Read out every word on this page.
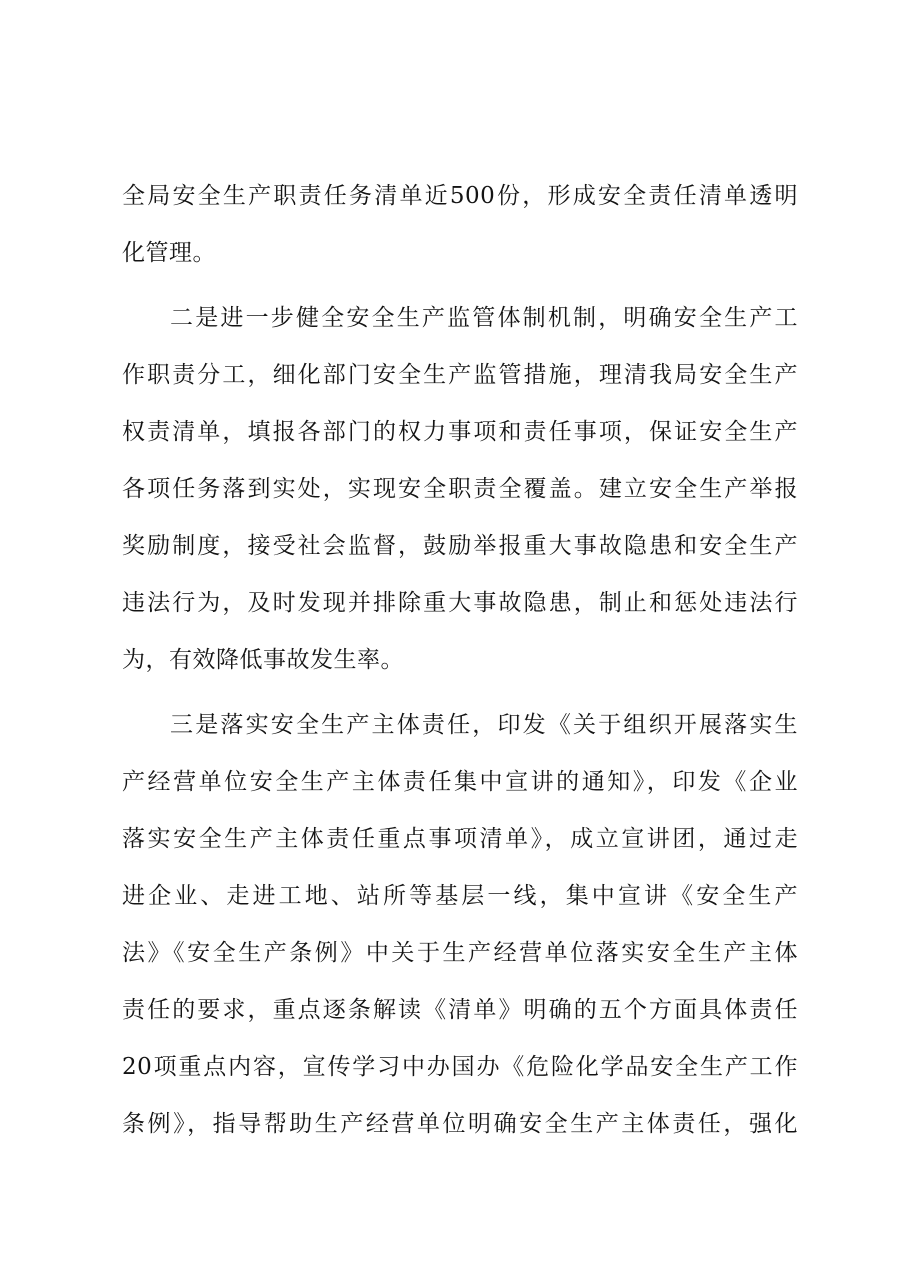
全局安全生产职责任务清单近500份，形成安全责任清单透明
化管理。
二是进一步健全安全生产监管体制机制，明确安全生产工
作职责分工，细化部门安全生产监管措施，理清我局安全生产
权责清单，填报各部门的权力事项和责任事项，保证安全生产
各项任务落到实处，实现安全职责全覆盖。建立安全生产举报
奖励制度，接受社会监督，鼓励举报重大事故隐患和安全生产
违法行为，及时发现并排除重大事故隐患，制止和惩处违法行
为，有效降低事故发生率。
三是落实安全生产主体责任，印发《关于组织开展落实生
产经营单位安全生产主体责任集中宣讲的通知》，印发《企业
落实安全生产主体责任重点事项清单》，成立宣讲团，通过走
进企业、走进工地、站所等基层一线，集中宣讲《安全生产
法》《安全生产条例》中关于生产经营单位落实安全生产主体
责任的要求，重点逐条解读《清单》明确的五个方面具体责任
20项重点内容，宣传学习中办国办《危险化学品安全生产工作
条例》，指导帮助生产经营单位明确安全生产主体责任，强化
